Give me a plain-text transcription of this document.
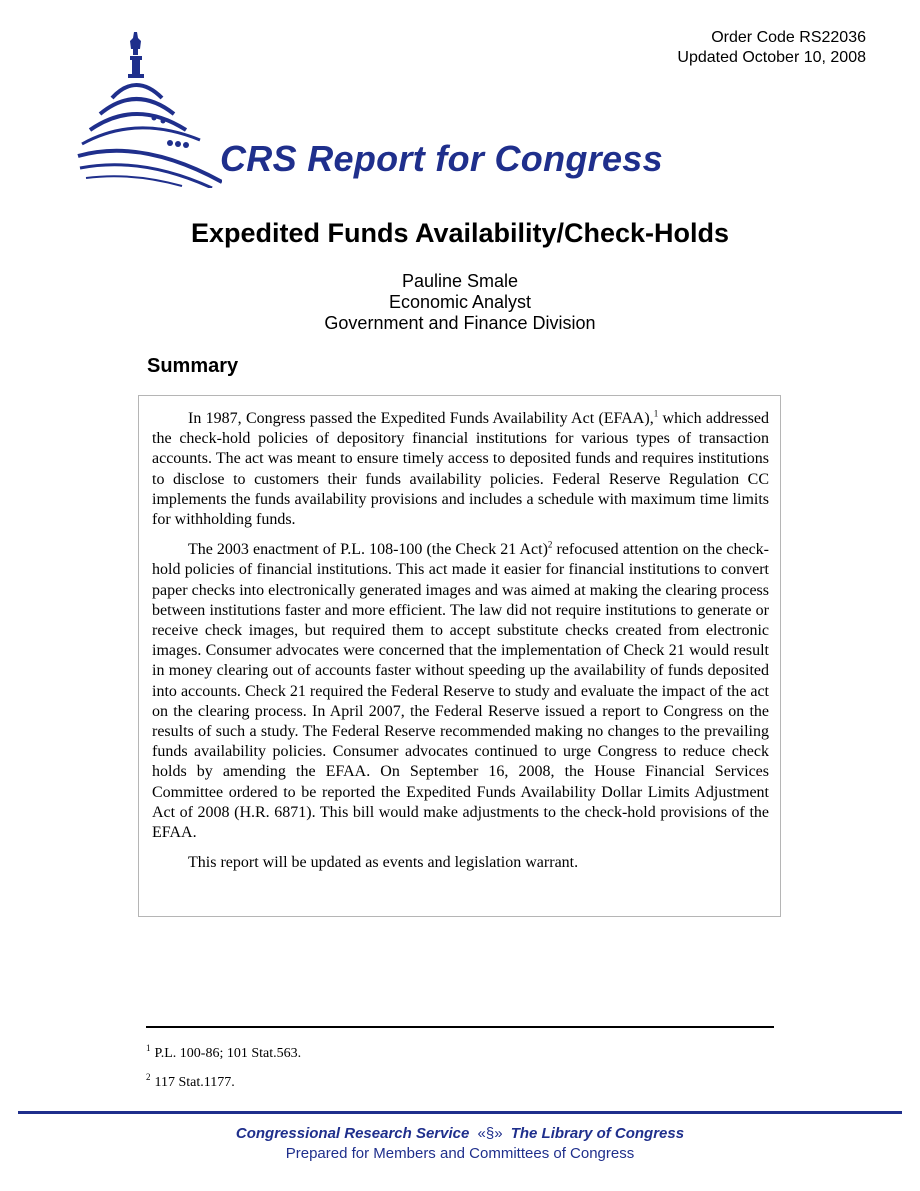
Order Code RS22036
Updated October 10, 2008
CRS Report for Congress
Expedited Funds Availability/Check-Holds
Pauline Smale
Economic Analyst
Government and Finance Division
Summary

In 1987, Congress passed the Expedited Funds Availability Act (EFAA),$^1$ which addressed the check-hold policies of depository financial institutions for various types of transaction accounts. The act was meant to ensure timely access to deposited funds and requires institutions to disclose to customers their funds availability policies. Federal Reserve Regulation CC implements the funds availability provisions and includes a schedule with maximum time limits for withholding funds.

The 2003 enactment of P.L. 108-100 (the Check 21 Act)$^2$ refocused attention on the check-hold policies of financial institutions. This act made it easier for financial institutions to convert paper checks into electronically generated images and was aimed at making the clearing process between institutions faster and more efficient. The law did not require institutions to generate or receive check images, but required them to accept substitute checks created from electronic images. Consumer advocates were concerned that the implementation of Check 21 would result in money clearing out of accounts faster without speeding up the availability of funds deposited into accounts. Check 21 required the Federal Reserve to study and evaluate the impact of the act on the clearing process. In April 2007, the Federal Reserve issued a report to Congress on the results of such a study. The Federal Reserve recommended making no changes to the prevailing funds availability policies. Consumer advocates continued to urge Congress to reduce check holds by amending the EFAA. On September 16, 2008, the House Financial Services Committee ordered to be reported the Expedited Funds Availability Dollar Limits Adjustment Act of 2008 (H.R. 6871). This bill would make adjustments to the check-hold provisions of the EFAA.

This report will be updated as events and legislation warrant.

$^1$ P.L. 100-86; 101 Stat.563.
$^2$ 117 Stat.1177.
Congressional Research Service «§» The Library of Congress
Prepared for Members and Committees of Congress
